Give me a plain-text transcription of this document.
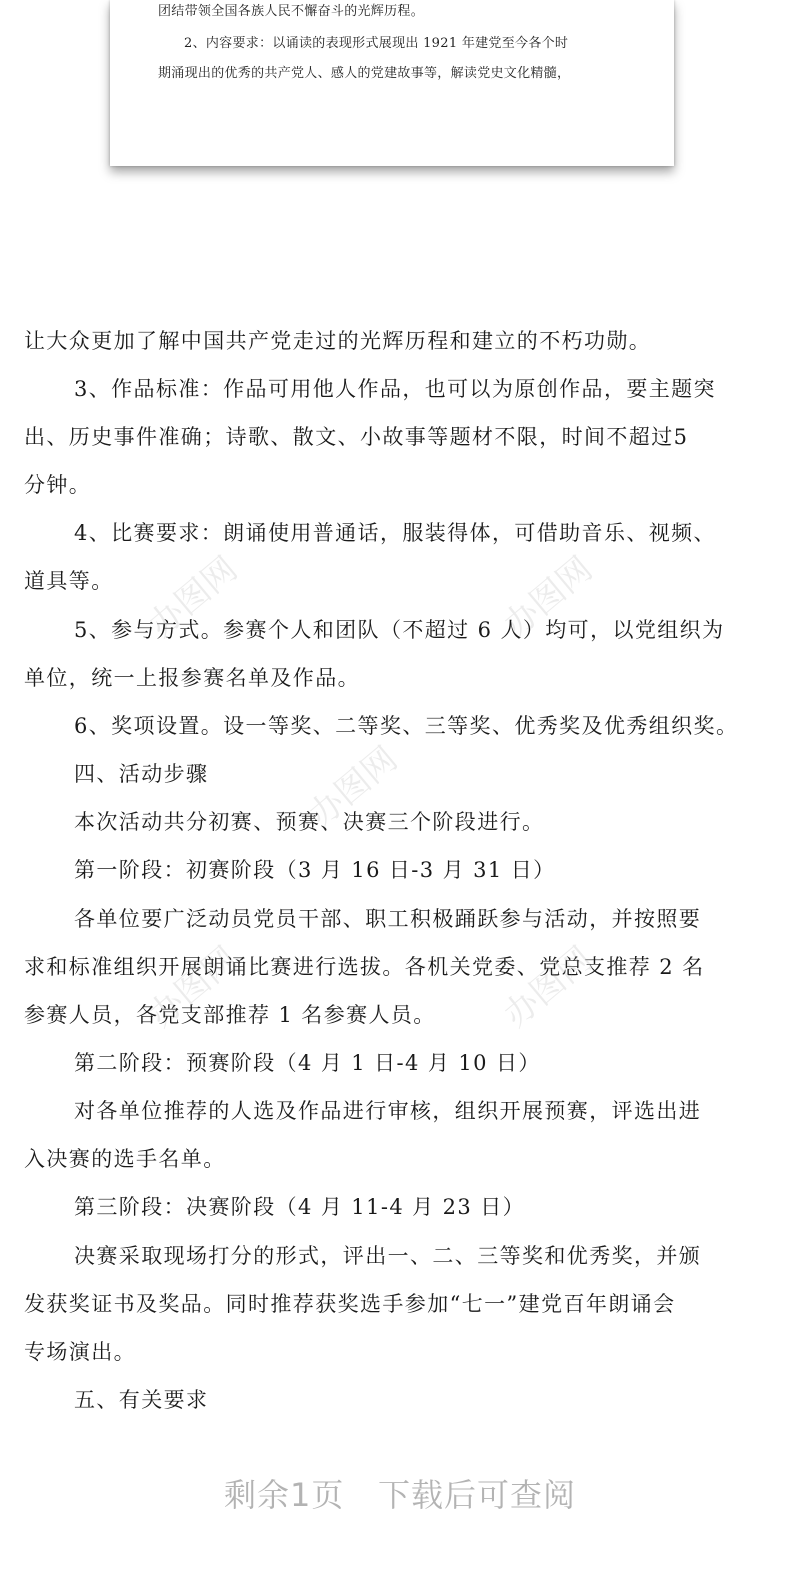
团结带领全国各族人民不懈奋斗的光辉历程。
2、内容要求：以诵读的表现形式展现出 1921 年建党至今各个时
期涌现出的优秀的共产党人、感人的党建故事等，解读党史文化精髓，
让大众更加了解中国共产党走过的光辉历程和建立的不朽功勋。
3、作品标准：作品可用他人作品，也可以为原创作品，要主题突
出、历史事件准确；诗歌、散文、小故事等题材不限，时间不超过5
分钟。
4、比赛要求：朗诵使用普通话，服装得体，可借助音乐、视频、
道具等。
5、参与方式。参赛个人和团队（不超过 6 人）均可，以党组织为
单位，统一上报参赛名单及作品。
6、奖项设置。设一等奖、二等奖、三等奖、优秀奖及优秀组织奖。
四、活动步骤
本次活动共分初赛、预赛、决赛三个阶段进行。
第一阶段：初赛阶段（3 月 16 日-3 月 31 日）
各单位要广泛动员党员干部、职工积极踊跃参与活动，并按照要
求和标准组织开展朗诵比赛进行选拔。各机关党委、党总支推荐 2 名
参赛人员，各党支部推荐 1 名参赛人员。
第二阶段：预赛阶段（4 月 1 日-4 月 10 日）
对各单位推荐的人选及作品进行审核，组织开展预赛，评选出进
入决赛的选手名单。
第三阶段：决赛阶段（4 月 11-4 月 23 日）
决赛采取现场打分的形式，评出一、二、三等奖和优秀奖，并颁
发获奖证书及奖品。同时推荐获奖选手参加“七一”建党百年朗诵会
专场演出。
五、有关要求
办图网	办图网
办图网
办图网	办图网
剩余1页 下载后可查阅
